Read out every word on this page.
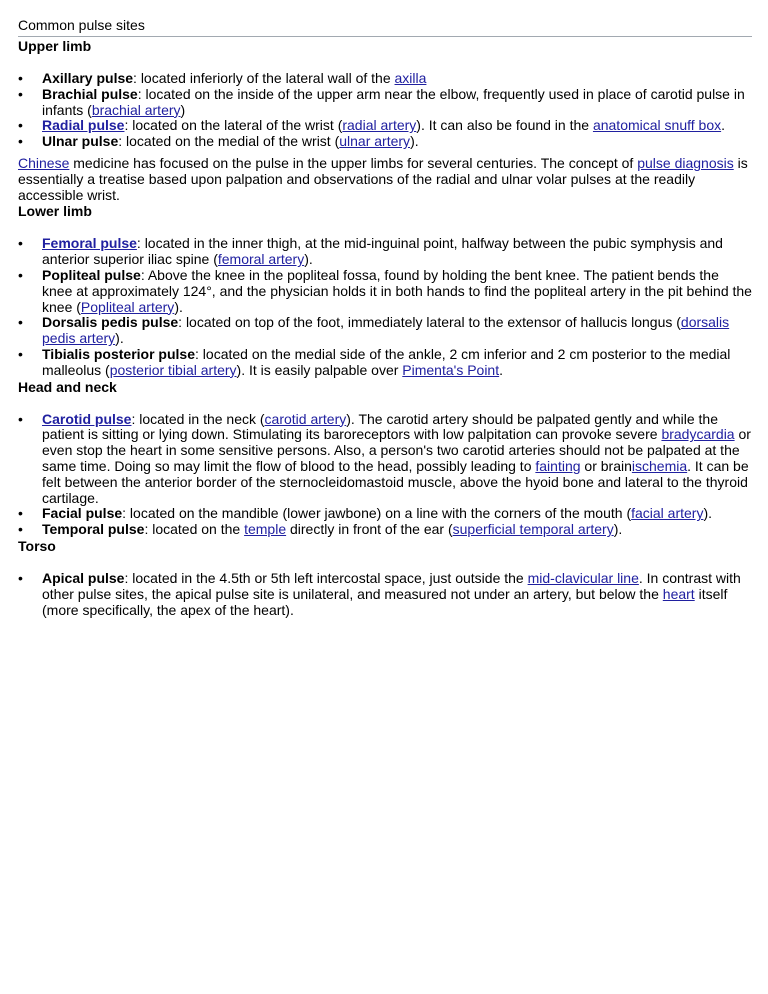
Common pulse sites
Upper limb
• Axillary pulse: located inferiorly of the lateral wall of the axilla
• Brachial pulse: located on the inside of the upper arm near the elbow, frequently used in place of carotid pulse in infants (brachial artery)
• Radial pulse: located on the lateral of the wrist (radial artery). It can also be found in the anatomical snuff box.
• Ulnar pulse: located on the medial of the wrist (ulnar artery).

Chinese medicine has focused on the pulse in the upper limbs for several centuries. The concept of pulse diagnosis is essentially a treatise based upon palpation and observations of the radial and ulnar volar pulses at the readily accessible wrist.

Lower limb
• Femoral pulse: located in the inner thigh, at the mid-inguinal point, halfway between the pubic symphysis and anterior superior iliac spine (femoral artery).
• Popliteal pulse: Above the knee in the popliteal fossa, found by holding the bent knee. The patient bends the knee at approximately 124°, and the physician holds it in both hands to find the popliteal artery in the pit behind the knee (Popliteal artery).
• Dorsalis pedis pulse: located on top of the foot, immediately lateral to the extensor of hallucis longus (dorsalis pedis artery).
• Tibialis posterior pulse: located on the medial side of the ankle, 2 cm inferior and 2 cm posterior to the medial malleolus (posterior tibial artery). It is easily palpable over Pimenta's Point.
Head and neck
• Carotid pulse: located in the neck (carotid artery). The carotid artery should be palpated gently and while the patient is sitting or lying down. Stimulating its baroreceptors with low palpitation can provoke severe bradycardia or even stop the heart in some sensitive persons. Also, a person's two carotid arteries should not be palpated at the same time. Doing so may limit the flow of blood to the head, possibly leading to fainting or brainischemia. It can be felt between the anterior border of the sternocleidomastoid muscle, above the hyoid bone and lateral to the thyroid cartilage.
• Facial pulse: located on the mandible (lower jawbone) on a line with the corners of the mouth (facial artery).
• Temporal pulse: located on the temple directly in front of the ear (superficial temporal artery).
Torso
• Apical pulse: located in the 4.5th or 5th left intercostal space, just outside the mid-clavicular line. In contrast with other pulse sites, the apical pulse site is unilateral, and measured not under an artery, but below the heart itself (more specifically, the apex of the heart).
